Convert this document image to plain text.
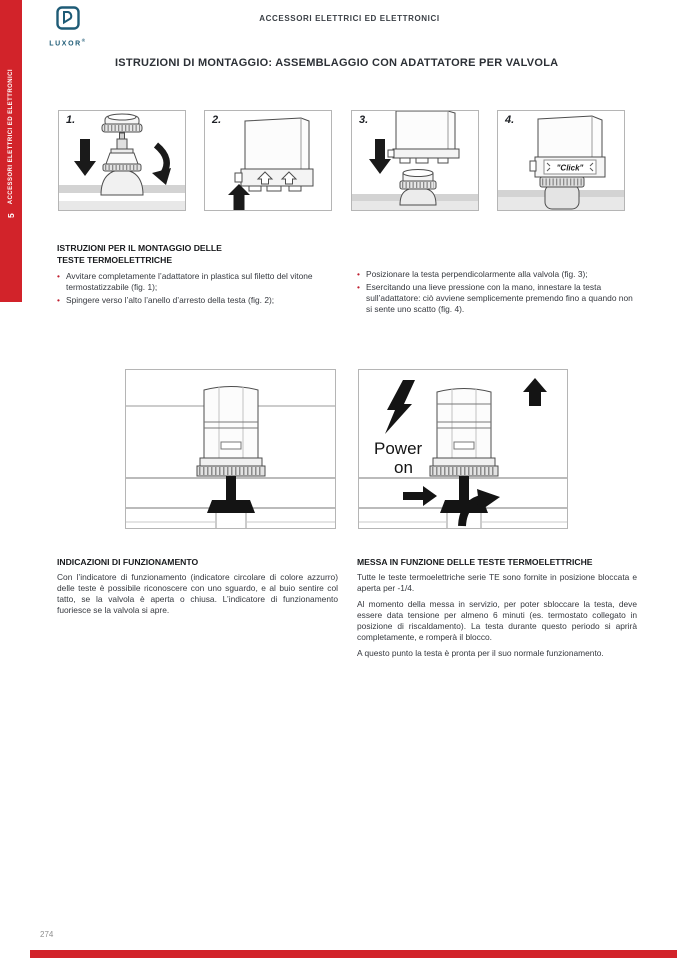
5
ACCESSORI ELETTRICI ED ELETTRONICI
LUXOR®
ACCESSORI ELETTRICI ED ELETTRONICI
ISTRUZIONI DI MONTAGGIO: ASSEMBLAGGIO CON ADATTATORE PER VALVOLA
1.	2.	3.	4.
"Click"
ISTRUZIONI PER IL MONTAGGIO DELLE
TESTE TERMOELETTRICHE
• Avvitare completamente l’adattatore in plastica sul filetto del vitone termostatizzabile (fig. 1);
• Spingere verso l’alto l’anello d’arresto della testa (fig. 2);
• Posizionare la testa perpendicolarmente alla valvola (fig. 3);
• Esercitando una lieve pressione con la mano, innestare la testa sull’adattatore: ciò avviene semplicemente premendo fino a quando non si sente uno scatto (fig. 4).
Power
on
INDICAZIONI DI FUNZIONAMENTO

Con l’indicatore di funzionamento (indicatore circolare di colore azzurro) delle teste è possibile riconoscere con uno sguardo, e al buio sentire col tatto, se la valvola è aperta o chiusa. L’indicatore di funzionamento fuoriesce se la valvola si apre.

MESSA IN FUNZIONE DELLE TESTE TERMOELETTRICHE

Tutte le teste termoelettriche serie TE sono fornite in posizione bloccata e aperta per -1/4.

Al momento della messa in servizio, per poter sbloccare la testa, deve essere data tensione per almeno 6 minuti (es. termostato collegato in posizione di riscaldamento). La testa durante questo periodo si aprirà completamente, e romperà il blocco.

A questo punto la testa è pronta per il suo normale funzionamento.

274
